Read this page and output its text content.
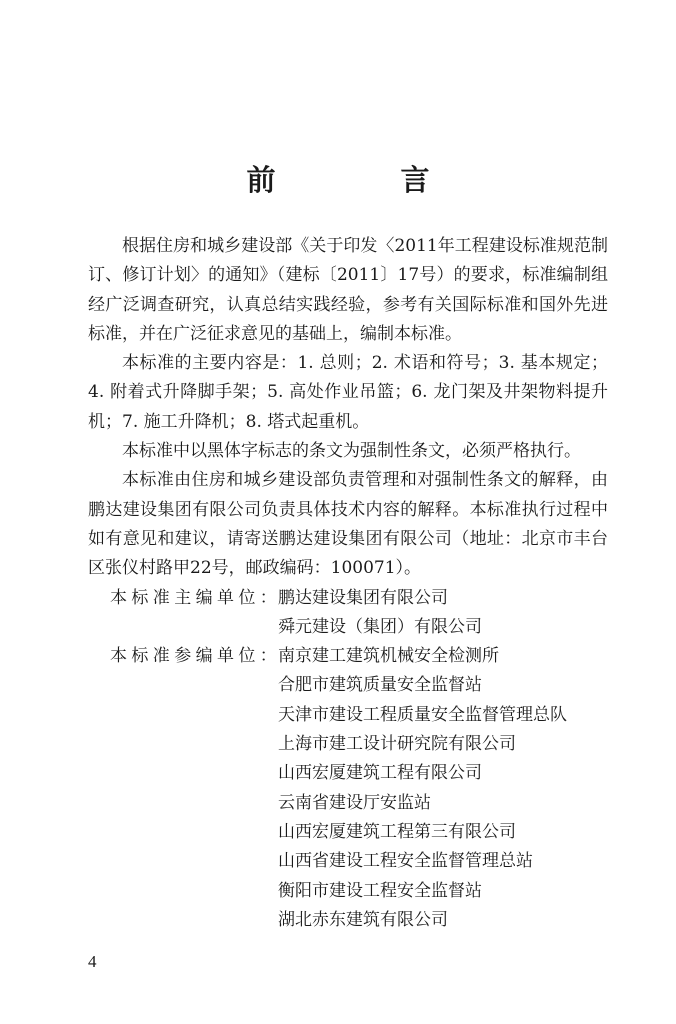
前　言

根据住房和城乡建设部《关于印发〈2011年工程建设标准规范制订、修订计划〉的通知》（建标〔2011〕17号）的要求，标准编制组经广泛调查研究，认真总结实践经验，参考有关国际标准和国外先进标准，并在广泛征求意见的基础上，编制本标准。

本标准的主要内容是：1. 总则；2. 术语和符号；3. 基本规定；4. 附着式升降脚手架；5. 高处作业吊篮；6. 龙门架及井架物料提升机；7. 施工升降机；8. 塔式起重机。

本标准中以黑体字标志的条文为强制性条文，必须严格执行。

本标准由住房和城乡建设部负责管理和对强制性条文的解释，由鹏达建设集团有限公司负责具体技术内容的解释。本标准执行过程中如有意见和建议，请寄送鹏达建设集团有限公司（地址：北京市丰台区张仪村路甲22号，邮政编码：100071）。

本标准主编单位：
鹏达建设集团有限公司
舜元建设（集团）有限公司
本标准参编单位：
南京建工建筑机械安全检测所
合肥市建筑质量安全监督站
天津市建设工程质量安全监督管理总队
上海市建工设计研究院有限公司
山西宏厦建筑工程有限公司
云南省建设厅安监站
山西宏厦建筑工程第三有限公司
山西省建设工程安全监督管理总站
衡阳市建设工程安全监督站
湖北赤东建筑有限公司
4
